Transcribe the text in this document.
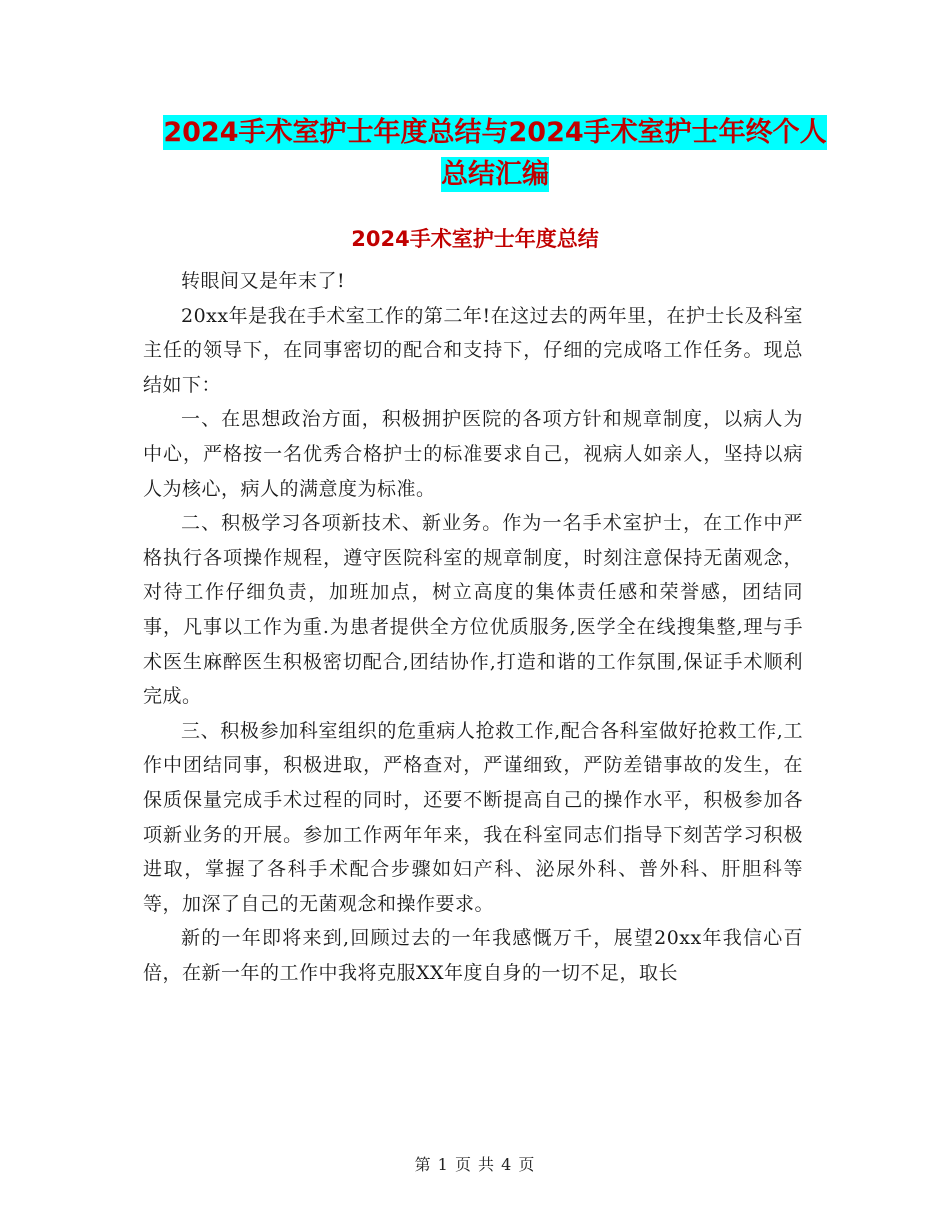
2024手术室护士年度总结与2024手术室护士年终个人
总结汇编
2024手术室护士年度总结

转眼间又是年末了!

20xx年是我在手术室工作的第二年!在这过去的两年里，在护士长及科室主任的领导下，在同事密切的配合和支持下，仔细的完成咯工作任务。现总结如下：

一、在思想政治方面，积极拥护医院的各项方针和规章制度，以病人为中心，严格按一名优秀合格护士的标准要求自己，视病人如亲人，坚持以病人为核心，病人的满意度为标准。

二、积极学习各项新技术、新业务。作为一名手术室护士，在工作中严格执行各项操作规程，遵守医院科室的规章制度，时刻注意保持无菌观念，对待工作仔细负责，加班加点，树立高度的集体责任感和荣誉感，团结同事，凡事以工作为重.为患者提供全方位优质服务,医学全在线搜集整,理与手术医生麻醉医生积极密切配合,团结协作,打造和谐的工作氛围,保证手术顺利完成。

三、积极参加科室组织的危重病人抢救工作,配合各科室做好抢救工作,工作中团结同事，积极进取，严格查对，严谨细致，严防差错事故的发生，在保质保量完成手术过程的同时，还要不断提高自己的操作水平，积极参加各项新业务的开展。参加工作两年年来，我在科室同志们指导下刻苦学习积极进取，掌握了各科手术配合步骤如妇产科、泌尿外科、普外科、肝胆科等等，加深了自己的无菌观念和操作要求。

新的一年即将来到,回顾过去的一年我感慨万千，展望20xx年我信心百倍，在新一年的工作中我将克服XX年度自身的一切不足，取长

第 1 页 共 4 页
